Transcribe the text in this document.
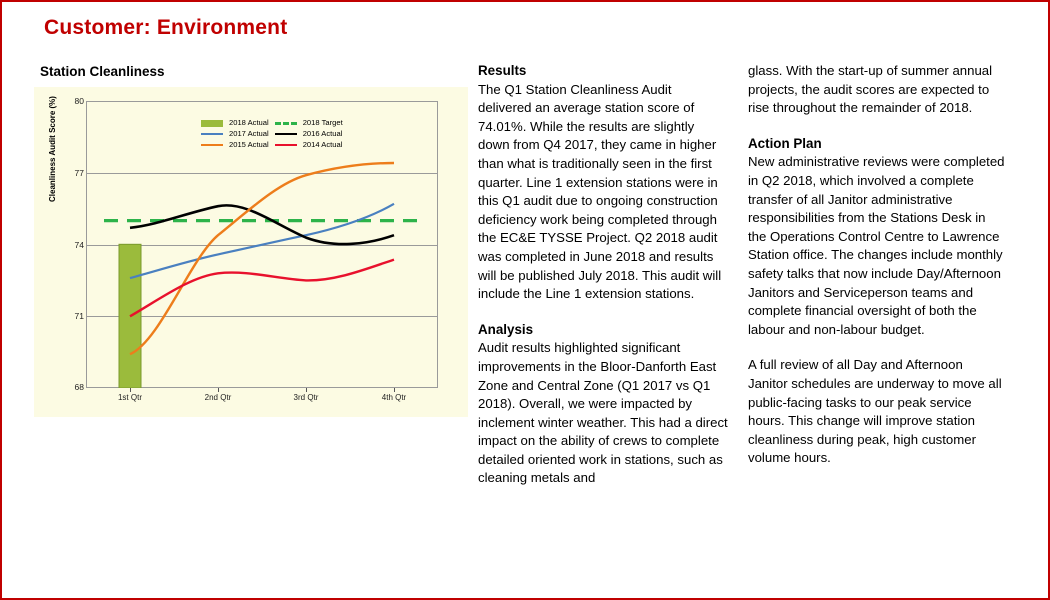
Customer: Environment
Station Cleanliness
80
77
74
71
68
Cleanliness Audit Score (%)
1st Qtr	2nd Qtr	3rd Qtr	4th Qtr
	2018 Actual		2018 Target
	2017 Actual		2016 Actual
	2015 Actual		2014 Actual
Results

The Q1 Station Cleanliness Audit delivered an average station score of 74.01%. While the results are slightly down from Q4 2017, they came in higher than what is traditionally seen in the first quarter. Line 1 extension stations were in this Q1 audit due to ongoing construction deficiency work being completed through the EC&E TYSSE Project. Q2 2018 audit was completed in June 2018 and results will be published July 2018. This audit will include the Line 1 extension stations.

Analysis

Audit results highlighted significant improvements in the Bloor-Danforth East Zone and Central Zone (Q1 2017 vs Q1 2018). Overall, we were impacted by inclement winter weather. This had a direct impact on the ability of crews to complete detailed oriented work in stations, such as cleaning metals and

glass. With the start-up of summer annual projects, the audit scores are expected to rise throughout the remainder of 2018.

Action Plan

New administrative reviews were completed in Q2 2018, which involved a complete transfer of all Janitor administrative responsibilities from the Stations Desk in the Operations Control Centre to Lawrence Station office. The changes include monthly safety talks that now include Day/Afternoon Janitors and Serviceperson teams and complete financial oversight of both the labour and non-labour budget.

A full review of all Day and Afternoon Janitor schedules are underway to move all public-facing tasks to our peak service hours. This change will improve station cleanliness during peak, high customer volume hours.
